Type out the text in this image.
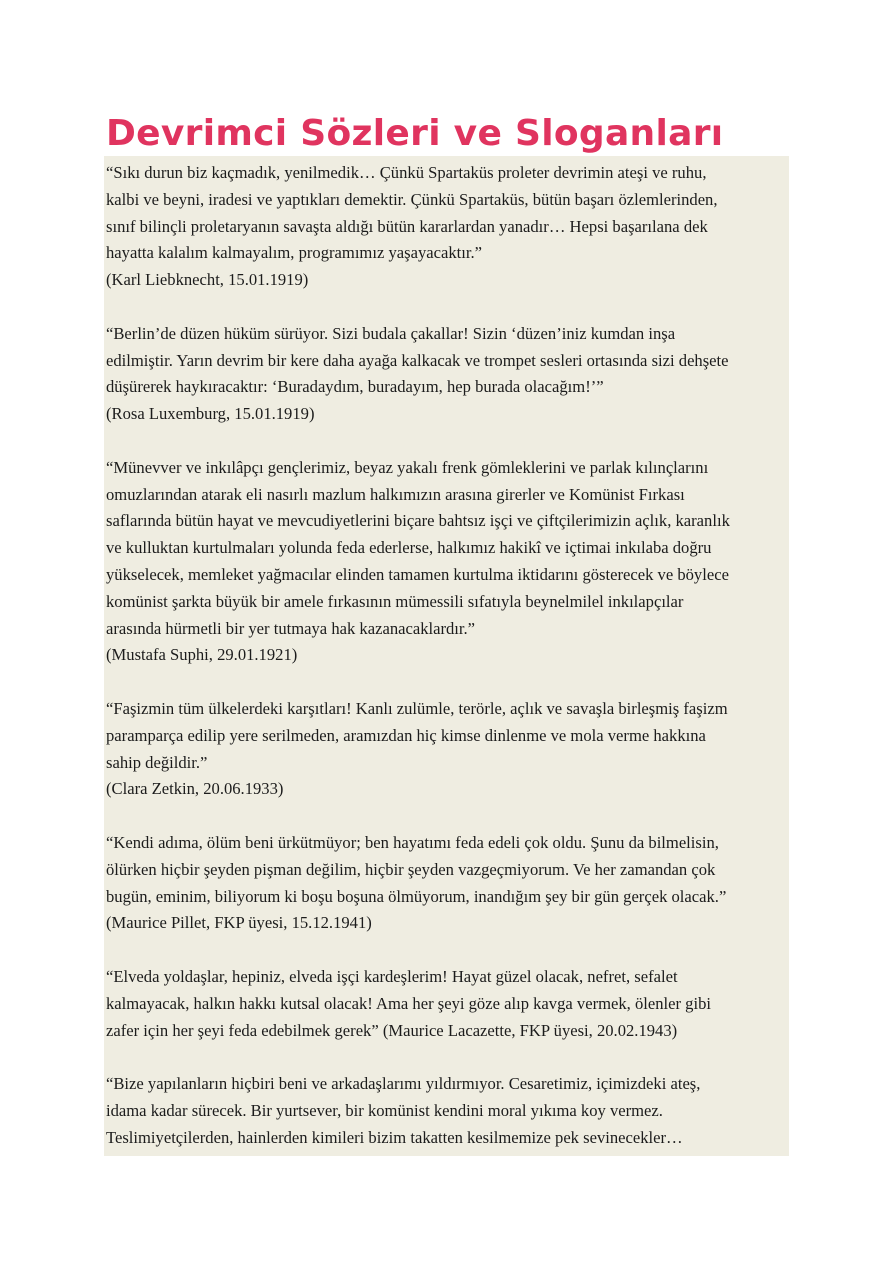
Devrimci Sözleri ve Sloganları

“Sıkı durun biz kaçmadık, yenilmedik… Çünkü Spartaküs proleter devrimin ateşi ve ruhu,
kalbi ve beyni, iradesi ve yaptıkları demektir. Çünkü Spartaküs, bütün başarı özlemlerinden,
sınıf bilinçli proletaryanın savaşta aldığı bütün kararlardan yanadır… Hepsi başarılana dek
hayatta kalalım kalmayalım, programımız yaşayacaktır.”

(Karl Liebknecht, 15.01.1919)

“Berlin’de düzen hüküm sürüyor. Sizi budala çakallar! Sizin ‘düzen’iniz kumdan inşa
edilmiştir. Yarın devrim bir kere daha ayağa kalkacak ve trompet sesleri ortasında sizi dehşete
düşürerek haykıracaktır: ‘Buradaydım, buradayım, hep burada olacağım!’”

(Rosa Luxemburg, 15.01.1919)

“Münevver ve inkılâpçı gençlerimiz, beyaz yakalı frenk gömleklerini ve parlak kılınçlarını
omuzlarından atarak eli nasırlı mazlum halkımızın arasına girerler ve Komünist Fırkası
saflarında bütün hayat ve mevcudiyetlerini biçare bahtsız işçi ve çiftçilerimizin açlık, karanlık
ve kulluktan kurtulmaları yolunda feda ederlerse, halkımız hakikî ve içtimai inkılaba doğru
yükselecek, memleket yağmacılar elinden tamamen kurtulma iktidarını gösterecek ve böylece
komünist şarkta büyük bir amele fırkasının mümessili sıfatıyla beynelmilel inkılapçılar
arasında hürmetli bir yer tutmaya hak kazanacaklardır.”

(Mustafa Suphi, 29.01.1921)

“Faşizmin tüm ülkelerdeki karşıtları! Kanlı zulümle, terörle, açlık ve savaşla birleşmiş faşizm
paramparça edilip yere serilmeden, aramızdan hiç kimse dinlenme ve mola verme hakkına
sahip değildir.”

(Clara Zetkin, 20.06.1933)

“Kendi adıma, ölüm beni ürkütmüyor; ben hayatımı feda edeli çok oldu. Şunu da bilmelisin,
ölürken hiçbir şeyden pişman değilim, hiçbir şeyden vazgeçmiyorum. Ve her zamandan çok
bugün, eminim, biliyorum ki boşu boşuna ölmüyorum, inandığım şey bir gün gerçek olacak.”

(Maurice Pillet, FKP üyesi, 15.12.1941)

“Elveda yoldaşlar, hepiniz, elveda işçi kardeşlerim! Hayat güzel olacak, nefret, sefalet
kalmayacak, halkın hakkı kutsal olacak! Ama her şeyi göze alıp kavga vermek, ölenler gibi
zafer için her şeyi feda edebilmek gerek” (Maurice Lacazette, FKP üyesi, 20.02.1943)

“Bize yapılanların hiçbiri beni ve arkadaşlarımı yıldırmıyor. Cesaretimiz, içimizdeki ateş,
idama kadar sürecek. Bir yurtsever, bir komünist kendini moral yıkıma koy vermez.
Teslimiyetçilerden, hainlerden kimileri bizim takatten kesilmemize pek sevinecekler…
